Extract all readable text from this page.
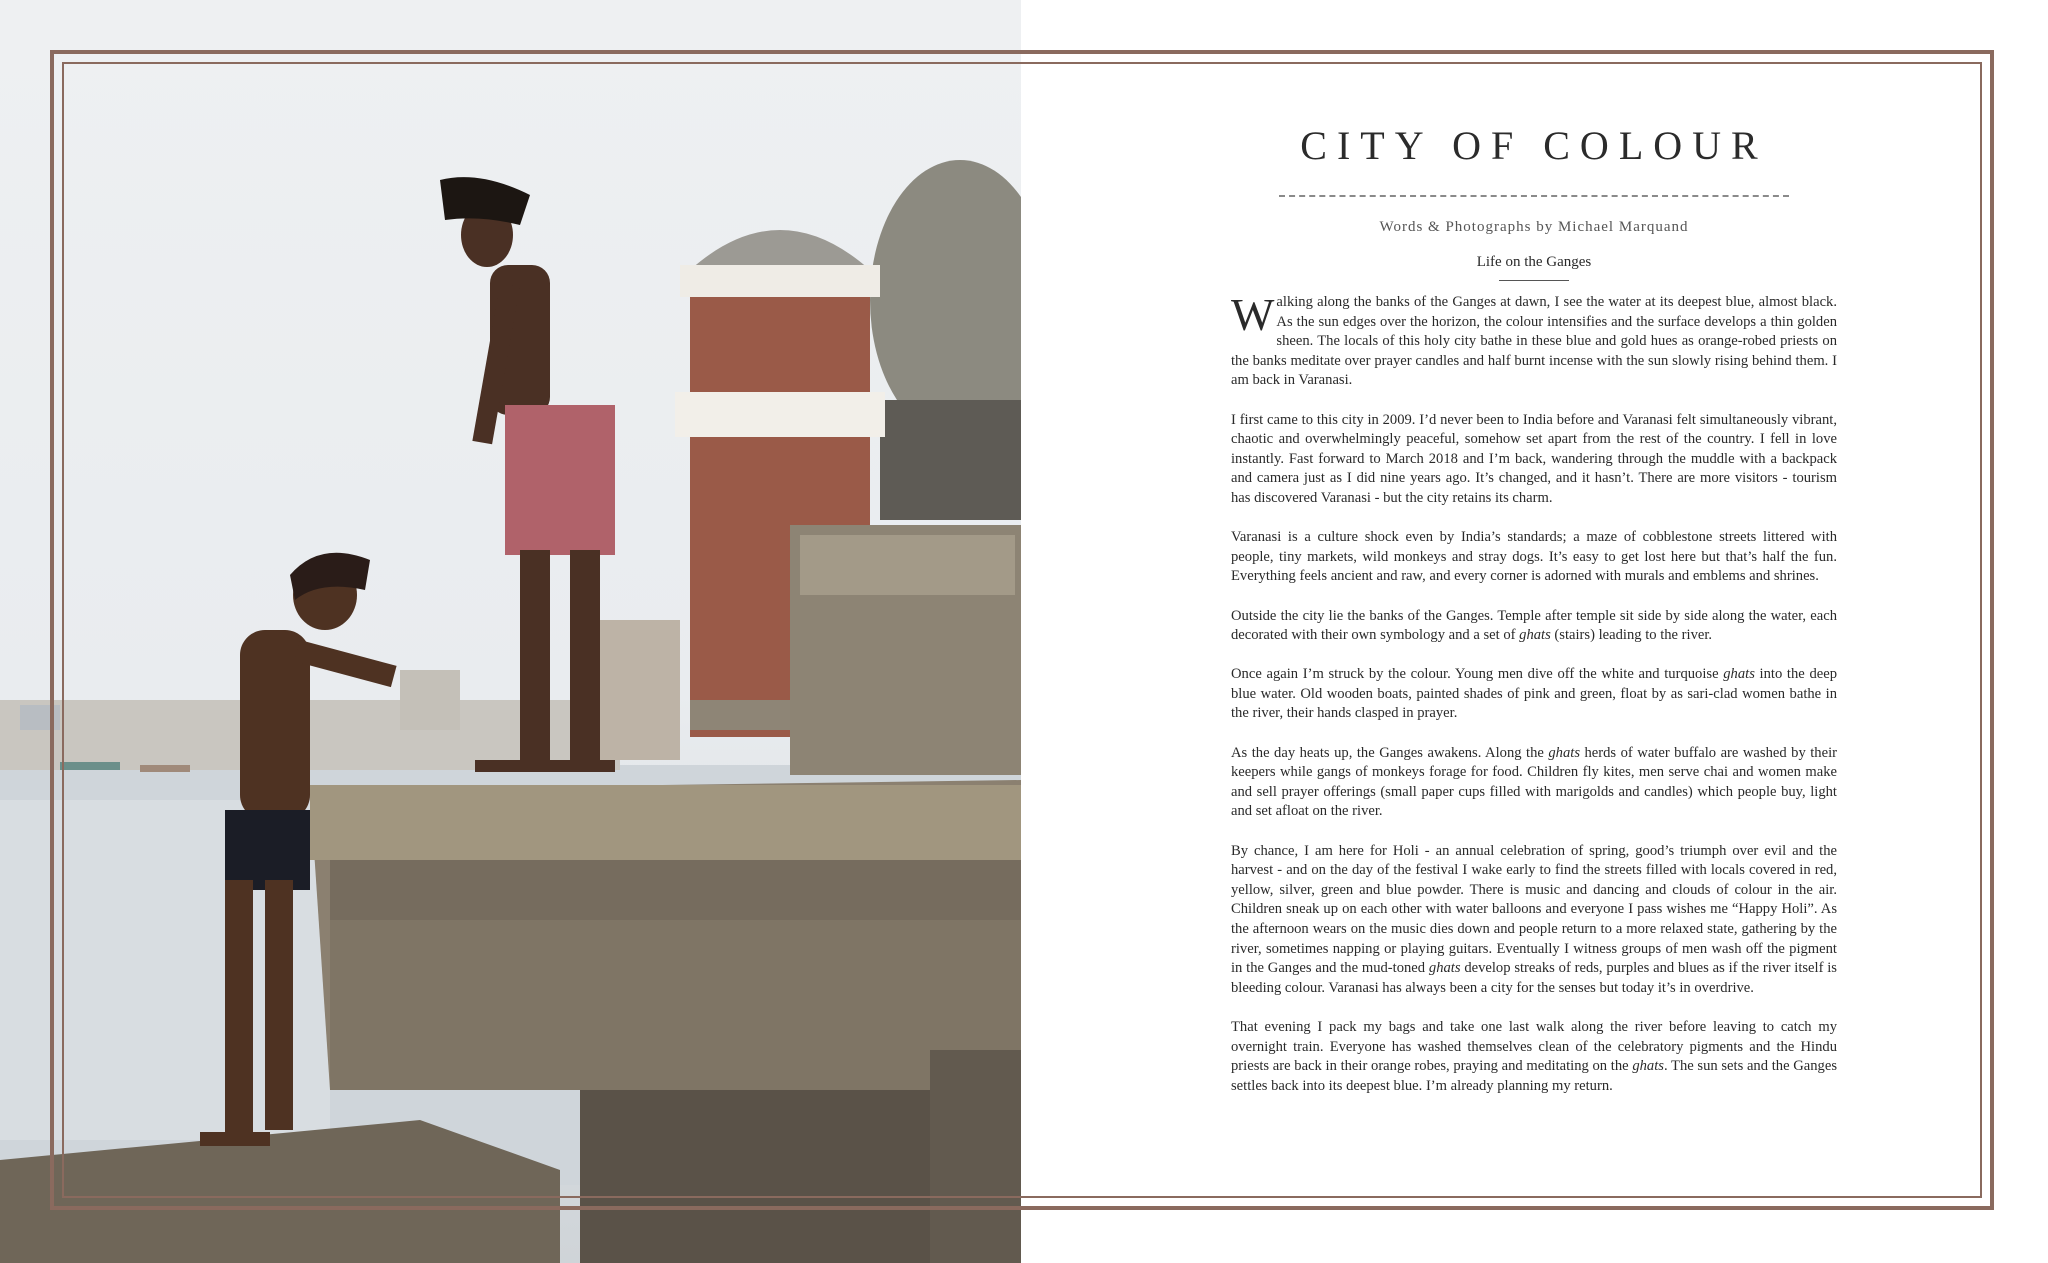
CITY OF COLOUR
Words & Photographs by Michael Marquand
Life on the Ganges

Walking along the banks of the Ganges at dawn, I see the water at its deepest blue, almost black. As the sun edges over the horizon, the colour intensifies and the surface develops a thin golden sheen. The locals of this holy city bathe in these blue and gold hues as orange-robed priests on the banks meditate over prayer candles and half burnt incense with the sun slowly rising behind them. I am back in Varanasi.

I first came to this city in 2009. I’d never been to India before and Varanasi felt simultaneously vibrant, chaotic and overwhelmingly peaceful, somehow set apart from the rest of the country. I fell in love instantly. Fast forward to March 2018 and I’m back, wandering through the muddle with a backpack and camera just as I did nine years ago. It’s changed, and it hasn’t. There are more visitors - tourism has discovered Varanasi - but the city retains its charm.

Varanasi is a culture shock even by India’s standards; a maze of cobblestone streets littered with people, tiny markets, wild monkeys and stray dogs. It’s easy to get lost here but that’s half the fun. Everything feels ancient and raw, and every corner is adorned with murals and emblems and shrines.

Outside the city lie the banks of the Ganges. Temple after temple sit side by side along the water, each decorated with their own symbology and a set of ghats (stairs) leading to the river.

Once again I’m struck by the colour. Young men dive off the white and turquoise ghats into the deep blue water. Old wooden boats, painted shades of pink and green, float by as sari-clad women bathe in the river, their hands clasped in prayer.

As the day heats up, the Ganges awakens. Along the ghats herds of water buffalo are washed by their keepers while gangs of monkeys forage for food. Children fly kites, men serve chai and women make and sell prayer offerings (small paper cups filled with marigolds and candles) which people buy, light and set afloat on the river.

By chance, I am here for Holi - an annual celebration of spring, good’s triumph over evil and the harvest - and on the day of the festival I wake early to find the streets filled with locals covered in red, yellow, silver, green and blue powder. There is music and dancing and clouds of colour in the air. Children sneak up on each other with water balloons and everyone I pass wishes me “Happy Holi”. As the afternoon wears on the music dies down and people return to a more relaxed state, gathering by the river, sometimes napping or playing guitars. Eventually I witness groups of men wash off the pigment in the Ganges and the mud-toned ghats develop streaks of reds, purples and blues as if the river itself is bleeding colour. Varanasi has always been a city for the senses but today it’s in overdrive.

That evening I pack my bags and take one last walk along the river before leaving to catch my overnight train. Everyone has washed themselves clean of the celebratory pigments and the Hindu priests are back in their orange robes, praying and meditating on the ghats. The sun sets and the Ganges settles back into its deepest blue. I’m already planning my return.
